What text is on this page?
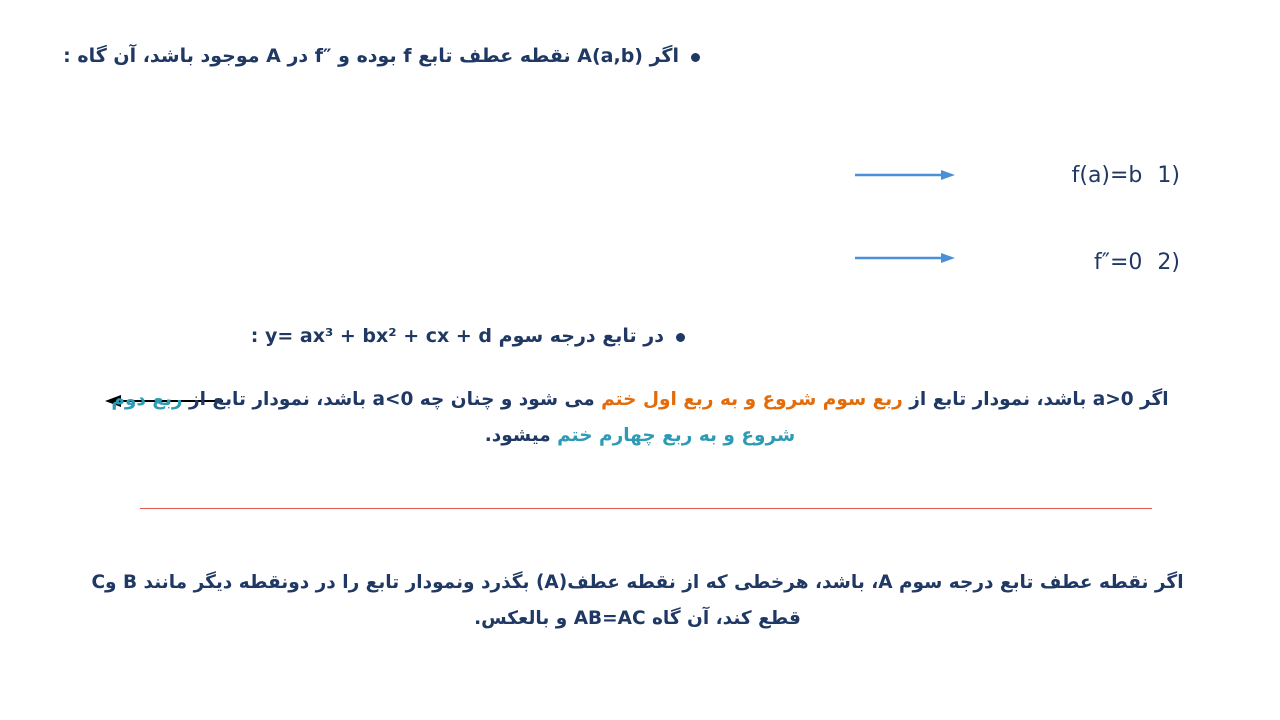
اگر A(a,b) نقطه عطف تابع f بوده و ″f در A موجود باشد، آن گاه :
(1 f(a)=b
(2 f″=0
در تابع درجه سوم y= ax³ + bx² + cx + d :
اگر a>0 باشد، نمودار تابع از ربع سوم شروع و به ربع اول ختم می شود و چنان چه a<0 باشد، نمودار تابع از ربع دوم شروع و به ربع چهارم ختم میشود.
اگر نقطه عطف تابع درجه سوم A، باشد، هرخطی که از نقطه عطف(A) بگذرد ونمودار تابع را در دونقطه دیگر مانند B وC قطع کند، آن گاه AB=AC و بالعکس.
